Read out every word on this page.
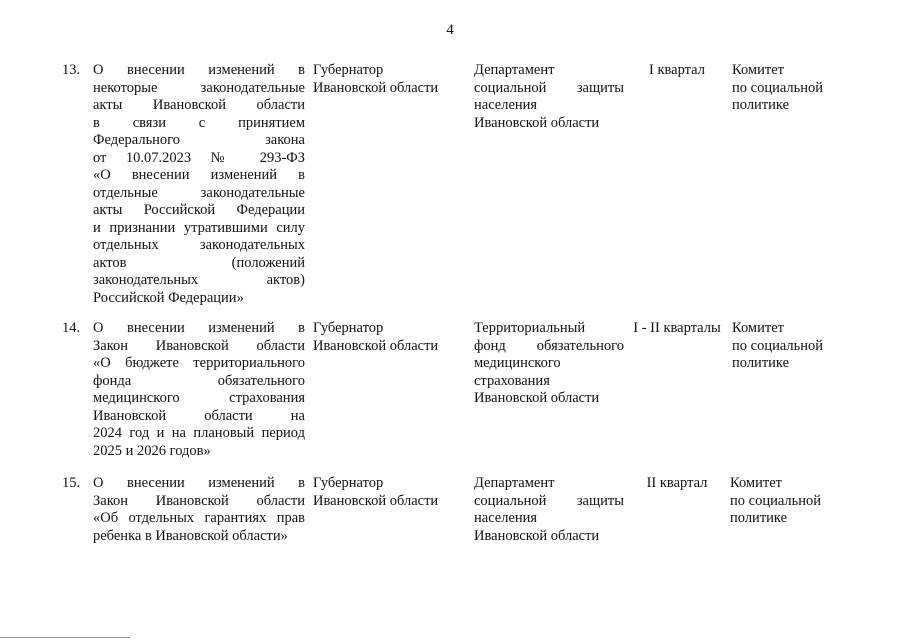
4
13. О внесении изменений в
некоторые законодательные
акты Ивановской области
в связи с принятием
Федерального закона
от 10.07.2023 № 293-ФЗ
«О внесении изменений в
отдельные законодательные
акты Российской Федерации
и признании утратившими силу
отдельных законодательных
актов (положений
законодательных актов)
Российской Федерации»
Губернатор
Ивановской области
Департамент
социальной защиты
населения
Ивановской области
I квартал	Комитет
по социальной
политике
14. О внесении изменений в
Закон Ивановской области
«О бюджете территориального
фонда обязательного
медицинского страхования
Ивановской области на
2024 год и на плановый период
2025 и 2026 годов»
Губернатор
Ивановской области
Территориальный
фонд обязательного
медицинского
страхования
Ивановской области
I - II кварталы Комитет
по социальной
политике
15. О внесении изменений в
Закон Ивановской области
«Об отдельных гарантиях прав
ребенка в Ивановской области»
Губернатор
Ивановской области
Департамент
социальной защиты
населения
Ивановской области
II квартал	Комитет
по социальной
политике
